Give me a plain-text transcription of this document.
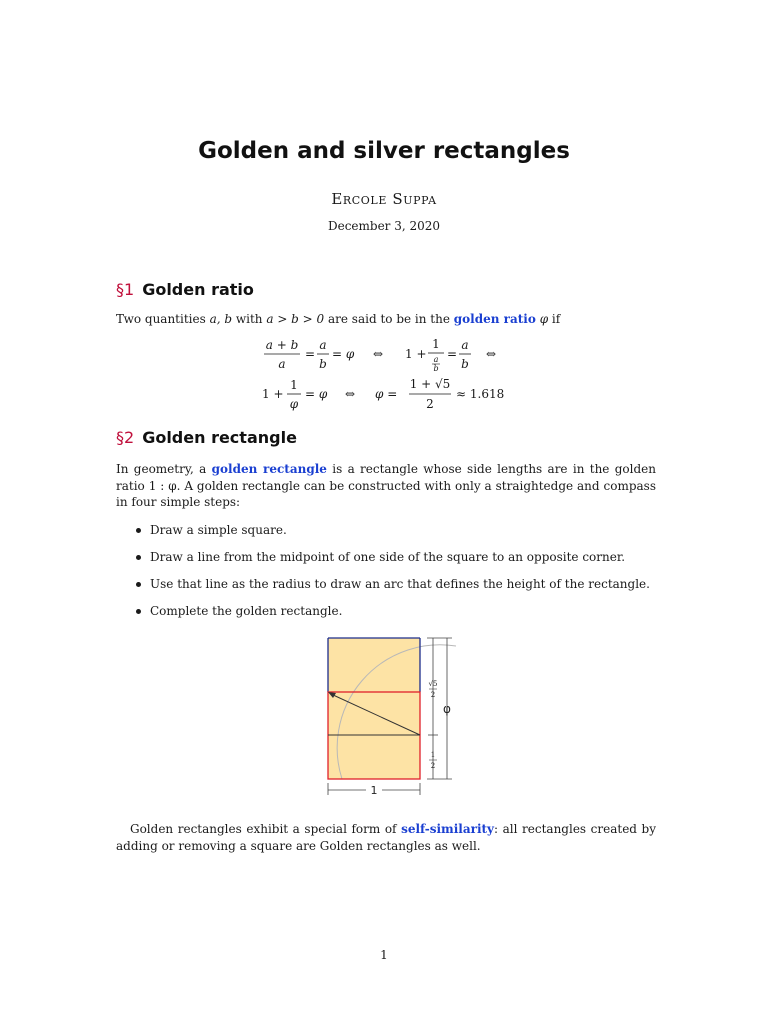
Golden and silver rectangles
Ercole Suppa
December 3, 2020
§1 Golden ratio
Two quantities a, b with a > b > 0 are said to be in the golden ratio φ if
a + b
a
=
a
b
= φ ⇔ 1 +
1
a
b
=
a
b
⇔
1 +
1
φ
= φ ⇔ φ =
1 + √5
2
≈ 1.618
§2 Golden rectangle
In geometry, a golden rectangle is a rectangle whose side lengths are in the golden ratio 1 : φ. A golden rectangle can be constructed with only a straightedge and compass in four simple steps:
Draw a simple square.
Draw a line from the midpoint of one side of the square to an opposite corner.
Use that line as the radius to draw an arc that defines the height of the rectangle.
Complete the golden rectangle.
√5
2
φ
1
2
1
Golden rectangles exhibit a special form of self-similarity: all rectangles created by adding or removing a square are Golden rectangles as well.
1
